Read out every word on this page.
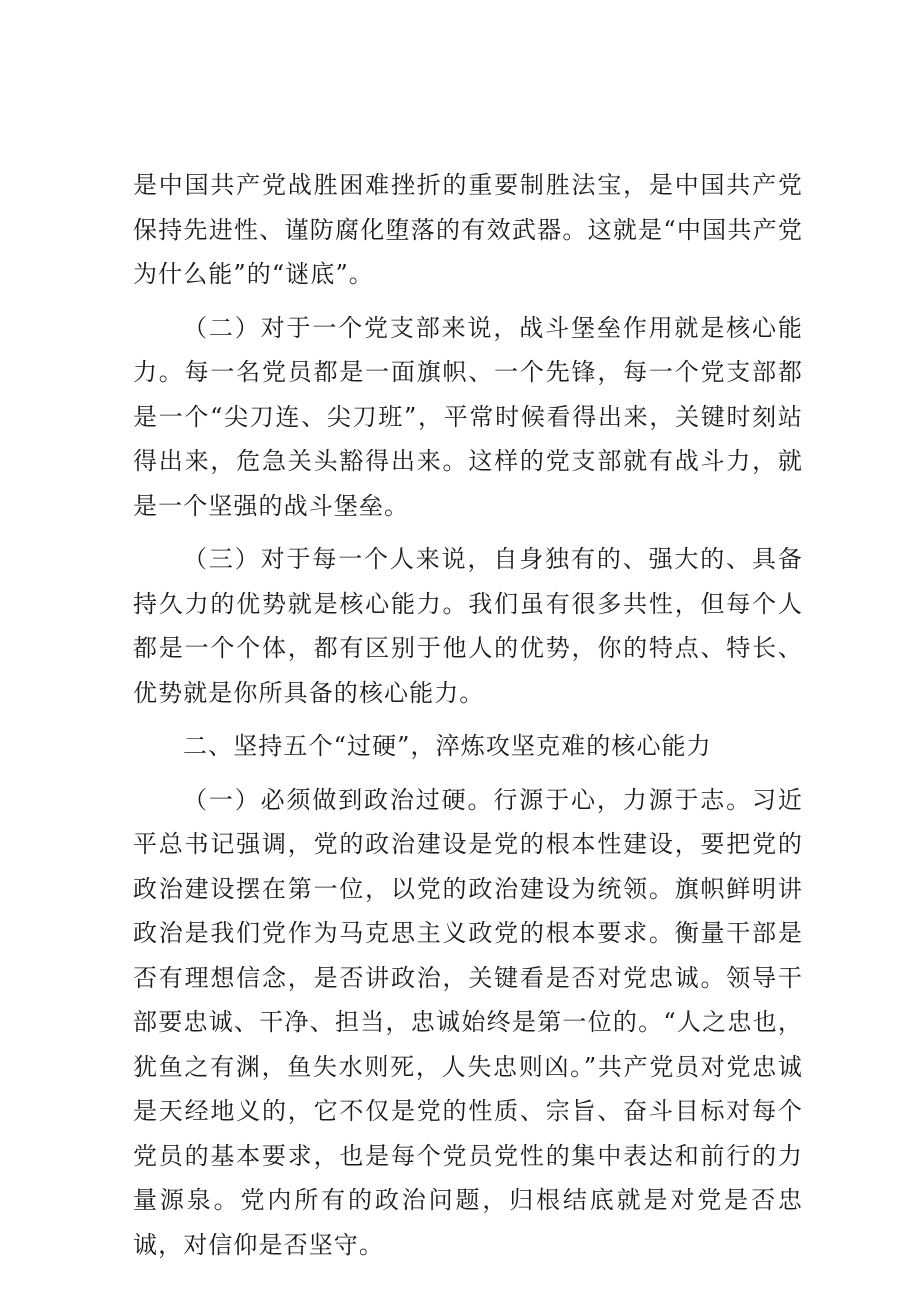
是中国共产党战胜困难挫折的重要制胜法宝，是中国共产党保持先进性、谨防腐化堕落的有效武器。这就是“中国共产党为什么能”的“谜底”。

（二）对于一个党支部来说，战斗堡垒作用就是核心能力。每一名党员都是一面旗帜、一个先锋，每一个党支部都是一个“尖刀连、尖刀班”，平常时候看得出来，关键时刻站得出来，危急关头豁得出来。这样的党支部就有战斗力，就是一个坚强的战斗堡垒。

（三）对于每一个人来说，自身独有的、强大的、具备持久力的优势就是核心能力。我们虽有很多共性，但每个人都是一个个体，都有区别于他人的优势，你的特点、特长、优势就是你所具备的核心能力。

二、坚持五个“过硬”，淬炼攻坚克难的核心能力

（一）必须做到政治过硬。行源于心，力源于志。习近平总书记强调，党的政治建设是党的根本性建设，要把党的政治建设摆在第一位，以党的政治建设为统领。旗帜鲜明讲政治是我们党作为马克思主义政党的根本要求。衡量干部是否有理想信念，是否讲政治，关键看是否对党忠诚。领导干部要忠诚、干净、担当，忠诚始终是第一位的。“人之忠也，犹鱼之有渊，鱼失水则死，人失忠则凶。”共产党员对党忠诚是天经地义的，它不仅是党的性质、宗旨、奋斗目标对每个党员的基本要求，也是每个党员党性的集中表达和前行的力量源泉。党内所有的政治问题，归根结底就是对党是否忠诚，对信仰是否坚守。
